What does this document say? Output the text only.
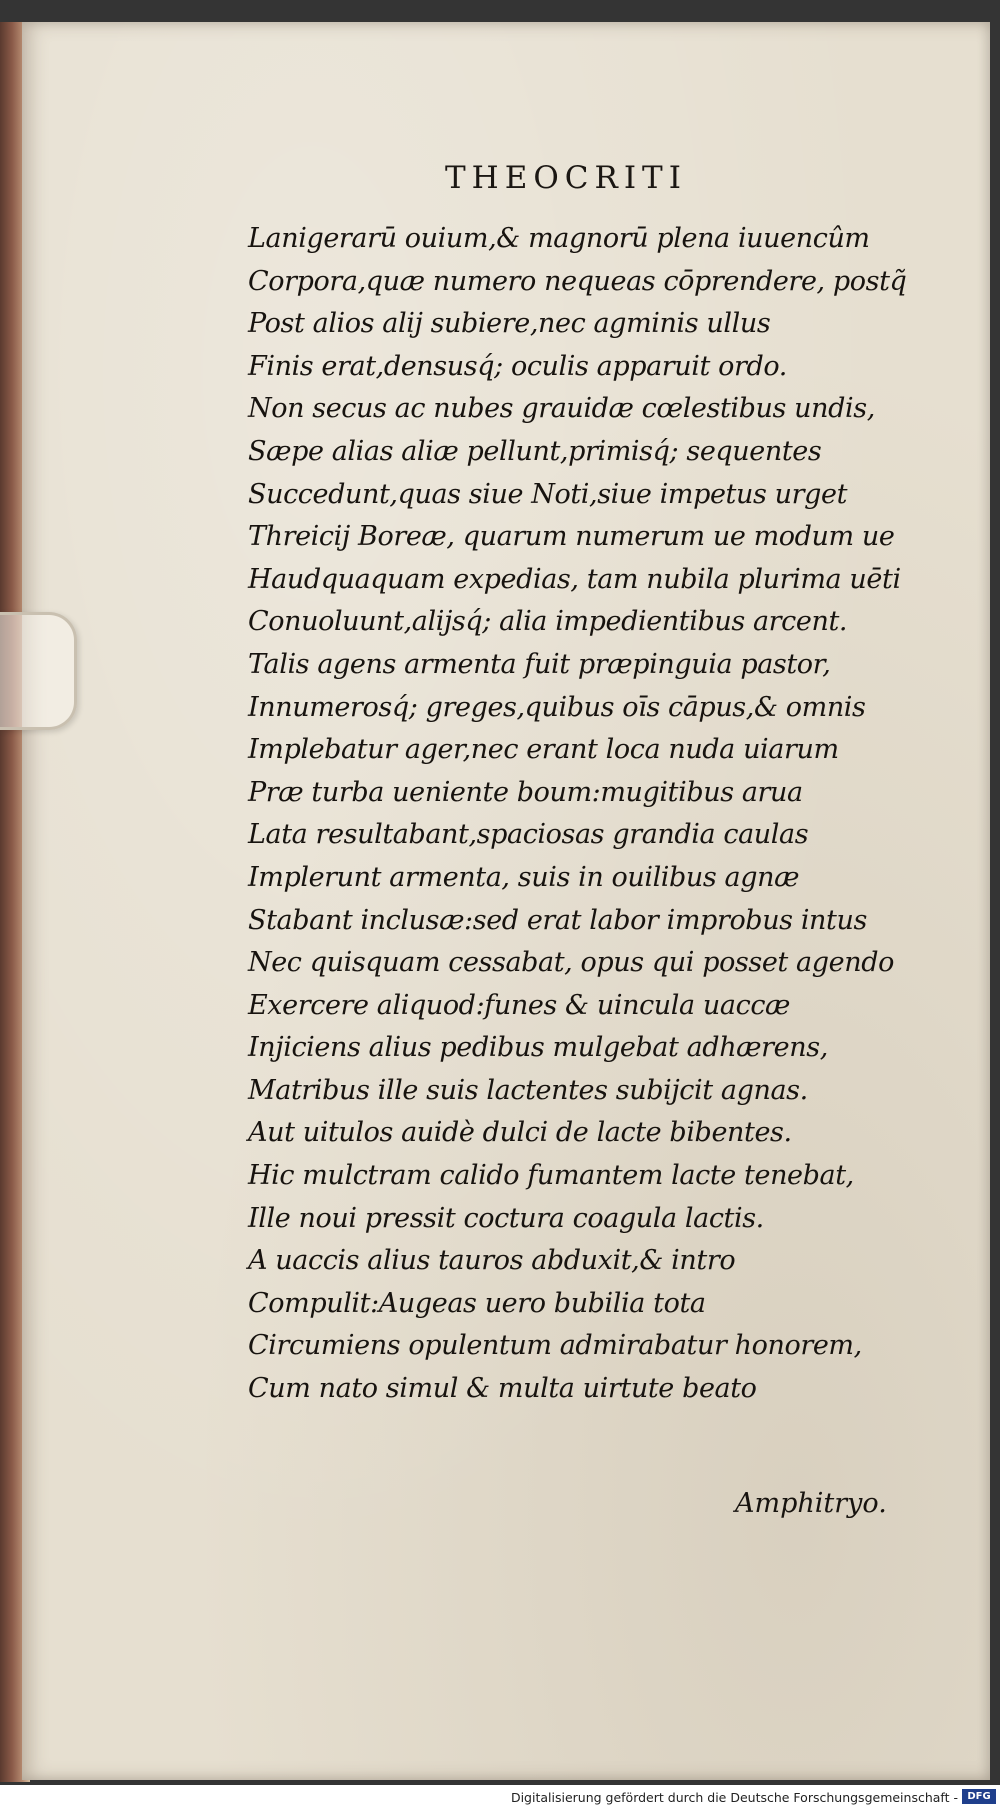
THEOCRITI
Lanigerarū ouium,& magnorū plena iuuencûm
Corpora,quæ numero nequeas cōprendere, postq̃
Post alios alij subiere,nec agminis ullus
Finis erat,densusq́; oculis apparuit ordo.
Non secus ac nubes grauidæ cœlestibus undis,
Sæpe alias aliæ pellunt,primisq́; sequentes
Succedunt,quas siue Noti,siue impetus urget
Threicij Boreæ, quarum numerum ue modum ue
Haudquaquam expedias, tam nubila plurima uēti
Conuoluunt,alijsq́; alia impedientibus arcent.
Talis agens armenta fuit præpinguia pastor,
Innumerosq́; greges,quibus oīs cāpus,& omnis
Implebatur ager,nec erant loca nuda uiarum
Præ turba ueniente boum:mugitibus arua
Lata resultabant,spaciosas grandia caulas
Implerunt armenta, suis in ouilibus agnæ
Stabant inclusæ:sed erat labor improbus intus
Nec quisquam cessabat, opus qui posset agendo
Exercere aliquod:funes & uincula uaccæ
Injiciens alius pedibus mulgebat adhærens,
Matribus ille suis lactentes subijcit agnas.
Aut uitulos auidè dulci de lacte bibentes.
Hic mulctram calido fumantem lacte tenebat,
Ille noui pressit coctura coagula lactis.
A uaccis alius tauros abduxit,& intro
Compulit:Augeas uero bubilia tota
Circumiens opulentum admirabatur honorem,
Cum nato simul & multa uirtute beato
Amphitryo.
Digitalisierung gefördert durch die Deutsche Forschungsgemeinschaft - DFG
